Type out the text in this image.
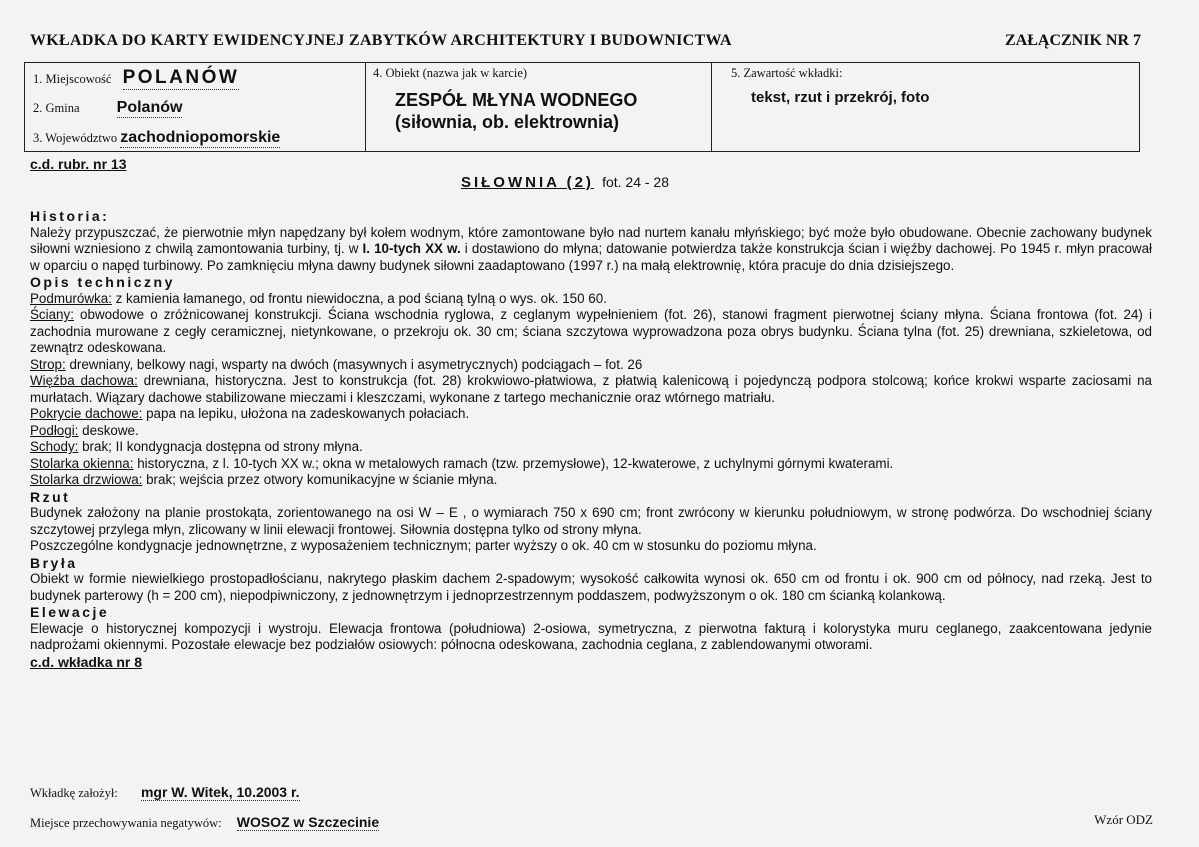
WKŁADKA DO KARTY EWIDENCYJNEJ ZABYTKÓW ARCHITEKTURY I BUDOWNICTWA	ZAŁĄCZNIK NR 7
1. Miejscowość POLANÓW
2. Gmina Polanów
3. Województwo zachodniopomorskie
4. Obiekt (nazwa jak w karcie)
ZESPÓŁ MŁYNA WODNEGO
(siłownia, ob. elektrownia)
5. Zawartość wkładki:
tekst, rzut i przekrój, foto
c.d. rubr. nr 13
SIŁOWNIA (2) fot. 24 - 28

Historia:

Należy przypuszczać, że pierwotnie młyn napędzany był kołem wodnym, które zamontowane było nad nurtem kanału młyńskiego; być może było obudowane. Obecnie zachowany budynek siłowni wzniesiono z chwilą zamontowania turbiny, tj. w I. 10-tych XX w. i dostawiono do młyna; datowanie potwierdza także konstrukcja ścian i więźby dachowej. Po 1945 r. młyn pracował w oparciu o napęd turbinowy. Po zamknięciu młyna dawny budynek siłowni zaadaptowano (1997 r.) na małą elektrownię, która pracuje do dnia dzisiejszego.

Opis techniczny

Podmurówka: z kamienia łamanego, od frontu niewidoczna, a pod ścianą tylną o wys. ok. 150 60.

Ściany: obwodowe o zróżnicowanej konstrukcji. Ściana wschodnia ryglowa, z ceglanym wypełnieniem (fot. 26), stanowi fragment pierwotnej ściany młyna. Ściana frontowa (fot. 24) i zachodnia murowane z cegły ceramicznej, nietynkowane, o przekroju ok. 30 cm; ściana szczytowa wyprowadzona poza obrys budynku. Ściana tylna (fot. 25) drewniana, szkieletowa, od zewnątrz odeskowana.

Strop: drewniany, belkowy nagi, wsparty na dwóch (masywnych i asymetrycznych) podciągach – fot. 26

Więźba dachowa: drewniana, historyczna. Jest to konstrukcja (fot. 28) krokwiowo-płatwiowa, z płatwią kalenicową i pojedynczą podpora stolcową; końce krokwi wsparte zaciosami na murłatach. Wiązary dachowe stabilizowane mieczami i kleszczami, wykonane z tartego mechanicznie oraz wtórnego matriału.

Pokrycie dachowe: papa na lepiku, ułożona na zadeskowanych połaciach.

Podłogi: deskowe.

Schody: brak; II kondygnacja dostępna od strony młyna.

Stolarka okienna: historyczna, z l. 10-tych XX w.; okna w metalowych ramach (tzw. przemysłowe), 12-kwaterowe, z uchylnymi górnymi kwaterami.

Stolarka drzwiowa: brak; wejścia przez otwory komunikacyjne w ścianie młyna.

Rzut

Budynek założony na planie prostokąta, zorientowanego na osi W – E , o wymiarach 750 x 690 cm; front zwrócony w kierunku południowym, w stronę podwórza. Do wschodniej ściany szczytowej przylega młyn, zlicowany w linii elewacji frontowej. Siłownia dostępna tylko od strony młyna.

Poszczególne kondygnacje jednownętrzne, z wyposażeniem technicznym; parter wyższy o ok. 40 cm w stosunku do poziomu młyna.

Bryła

Obiekt w formie niewielkiego prostopadłościanu, nakrytego płaskim dachem 2-spadowym; wysokość całkowita wynosi ok. 650 cm od frontu i ok. 900 cm od północy, nad rzeką. Jest to budynek parterowy (h = 200 cm), niepodpiwniczony, z jednownętrzym i jednoprzestrzennym poddaszem, podwyższonym o ok. 180 cm ścianką kolankową.

Elewacje

Elewacje o historycznej kompozycji i wystroju. Elewacja frontowa (południowa) 2-osiowa, symetryczna, z pierwotna fakturą i kolorystyka muru ceglanego, zaakcentowana jedynie nadprożami okiennymi. Pozostałe elewacje bez podziałów osiowych: północna odeskowana, zachodnia ceglana, z zablendowanymi otworami.

c.d. wkładka nr 8

Wkładkę założył: mgr W. Witek, 10.2003 r.
Miejsce przechowywania negatywów: WOSOZ w Szczecinie	Wzór ODZ
